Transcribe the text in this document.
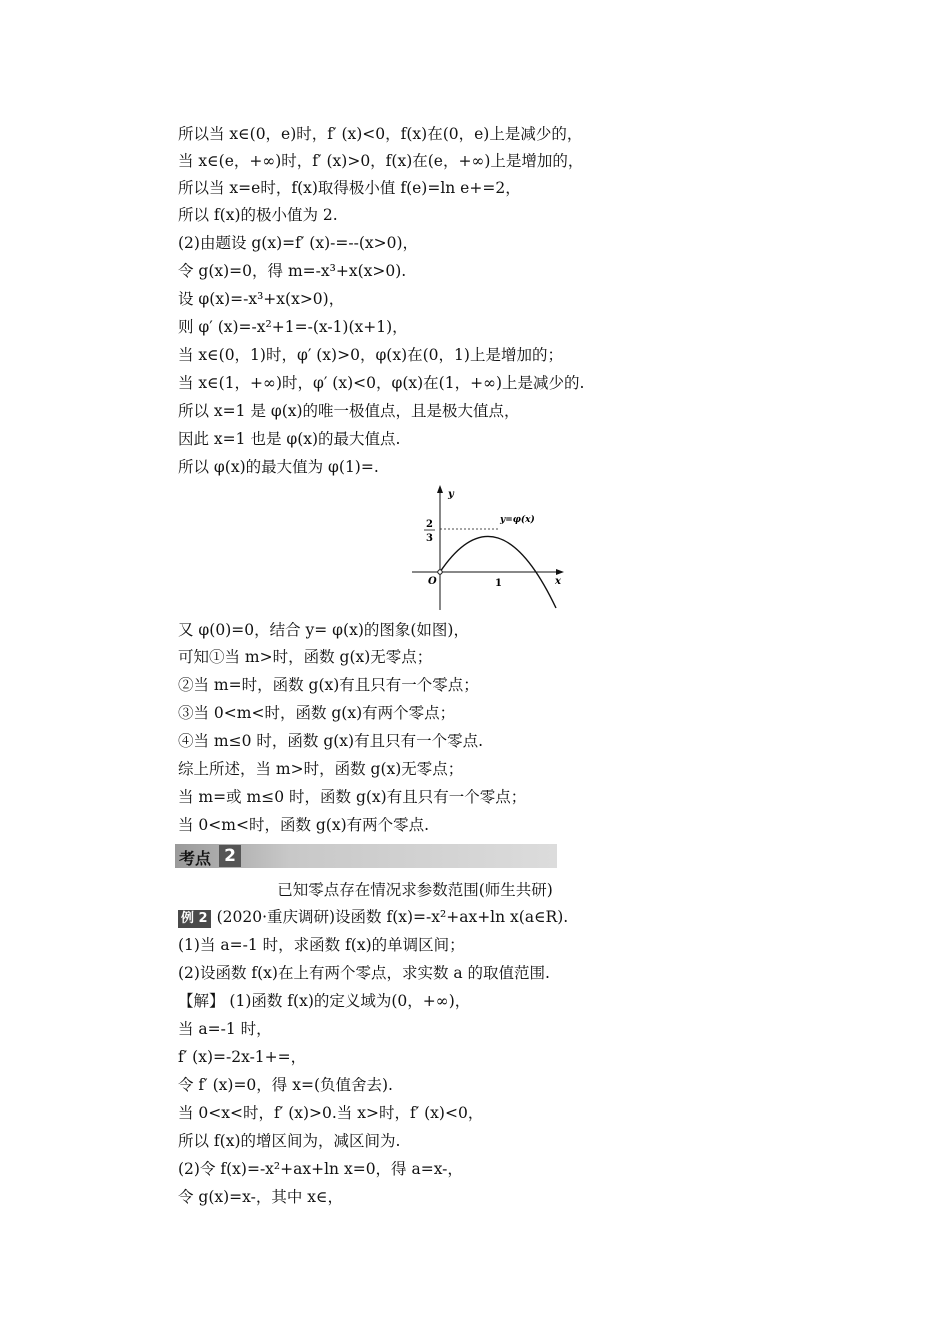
所以当 x∈(0，e)时，f′ (x)<0，f(x)在(0，e)上是减少的，
当 x∈(e，+∞)时，f′ (x)>0，f(x)在(e，+∞)上是增加的，
所以当 x=e时，f(x)取得极小值 f(e)=ln e+=2，
所以 f(x)的极小值为 2.
(2)由题设 g(x)=f′ (x)-=--(x>0)，
令 g(x)=0，得 m=-x³+x(x>0).
设 φ(x)=-x³+x(x>0)，
则 φ′ (x)=-x²+1=-(x-1)(x+1)，
当 x∈(0，1)时，φ′ (x)>0，φ(x)在(0，1)上是增加的；
当 x∈(1，+∞)时，φ′ (x)<0，φ(x)在(1，+∞)上是减少的.
所以 x=1 是 φ(x)的唯一极值点，且是极大值点，
因此 x=1 也是 φ(x)的最大值点.
所以 φ(x)的最大值为 φ(1)=.
y
x
O	1
2
3
y=φ(x)
又 φ(0)=0，结合 y= φ(x)的图象(如图)，
可知①当 m>时，函数 g(x)无零点；
②当 m=时，函数 g(x)有且只有一个零点；
③当 0<m<时，函数 g(x)有两个零点；
④当 m≤0 时，函数 g(x)有且只有一个零点.
综上所述，当 m>时，函数 g(x)无零点；
当 m=或 m≤0 时，函数 g(x)有且只有一个零点；
当 0<m<时，函数 g(x)有两个零点.
考点 2
已知零点存在情况求参数范围(师生共研)
例 2 (2020·重庆调研)设函数 f(x)=-x²+ax+ln x(a∈R).
(1)当 a=-1 时，求函数 f(x)的单调区间；
(2)设函数 f(x)在上有两个零点，求实数 a 的取值范围.
【解】 (1)函数 f(x)的定义域为(0，+∞)，
当 a=-1 时，
f′ (x)=-2x-1+=，
令 f′ (x)=0，得 x=(负值舍去).
当 0<x<时，f′ (x)>0.当 x>时，f′ (x)<0，
所以 f(x)的增区间为，减区间为.
(2)令 f(x)=-x²+ax+ln x=0，得 a=x-，
令 g(x)=x-，其中 x∈，
